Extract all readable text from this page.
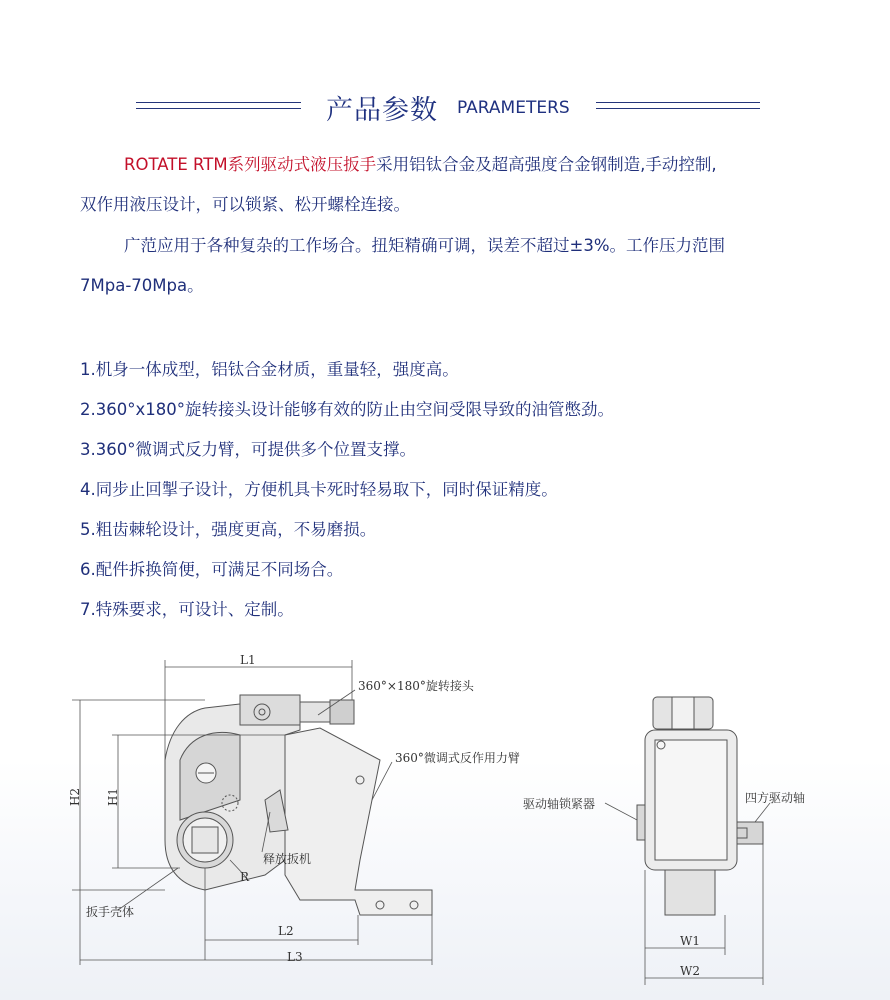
产品参数 PARAMETERS
ROTATE RTM系列驱动式液压扳手采用铝钛合金及超高强度合金钢制造,手动控制,
双作用液压设计，可以锁紧、松开螺栓连接。
广范应用于各种复杂的工作场合。扭矩精确可调，误差不超过±3%。工作压力范围
7Mpa-70Mpa。
1.机身一体成型，铝钛合金材质，重量轻，强度高。
2.360°x180°旋转接头设计能够有效的防止由空间受限导致的油管憋劲。
3.360°微调式反力臂，可提供多个位置支撑。
4.同步止回掣子设计，方便机具卡死时轻易取下，同时保证精度。
5.粗齿棘轮设计，强度更高，不易磨损。
6.配件拆换简便，可满足不同场合。
7.特殊要求，可设计、定制。
L1
360°×180°旋转接头
360°微调式反作用力臂
H2 H1
释放扳机
R
扳手壳体
L2
L3
驱动轴锁紧器	四方驱动轴
W1
W2
